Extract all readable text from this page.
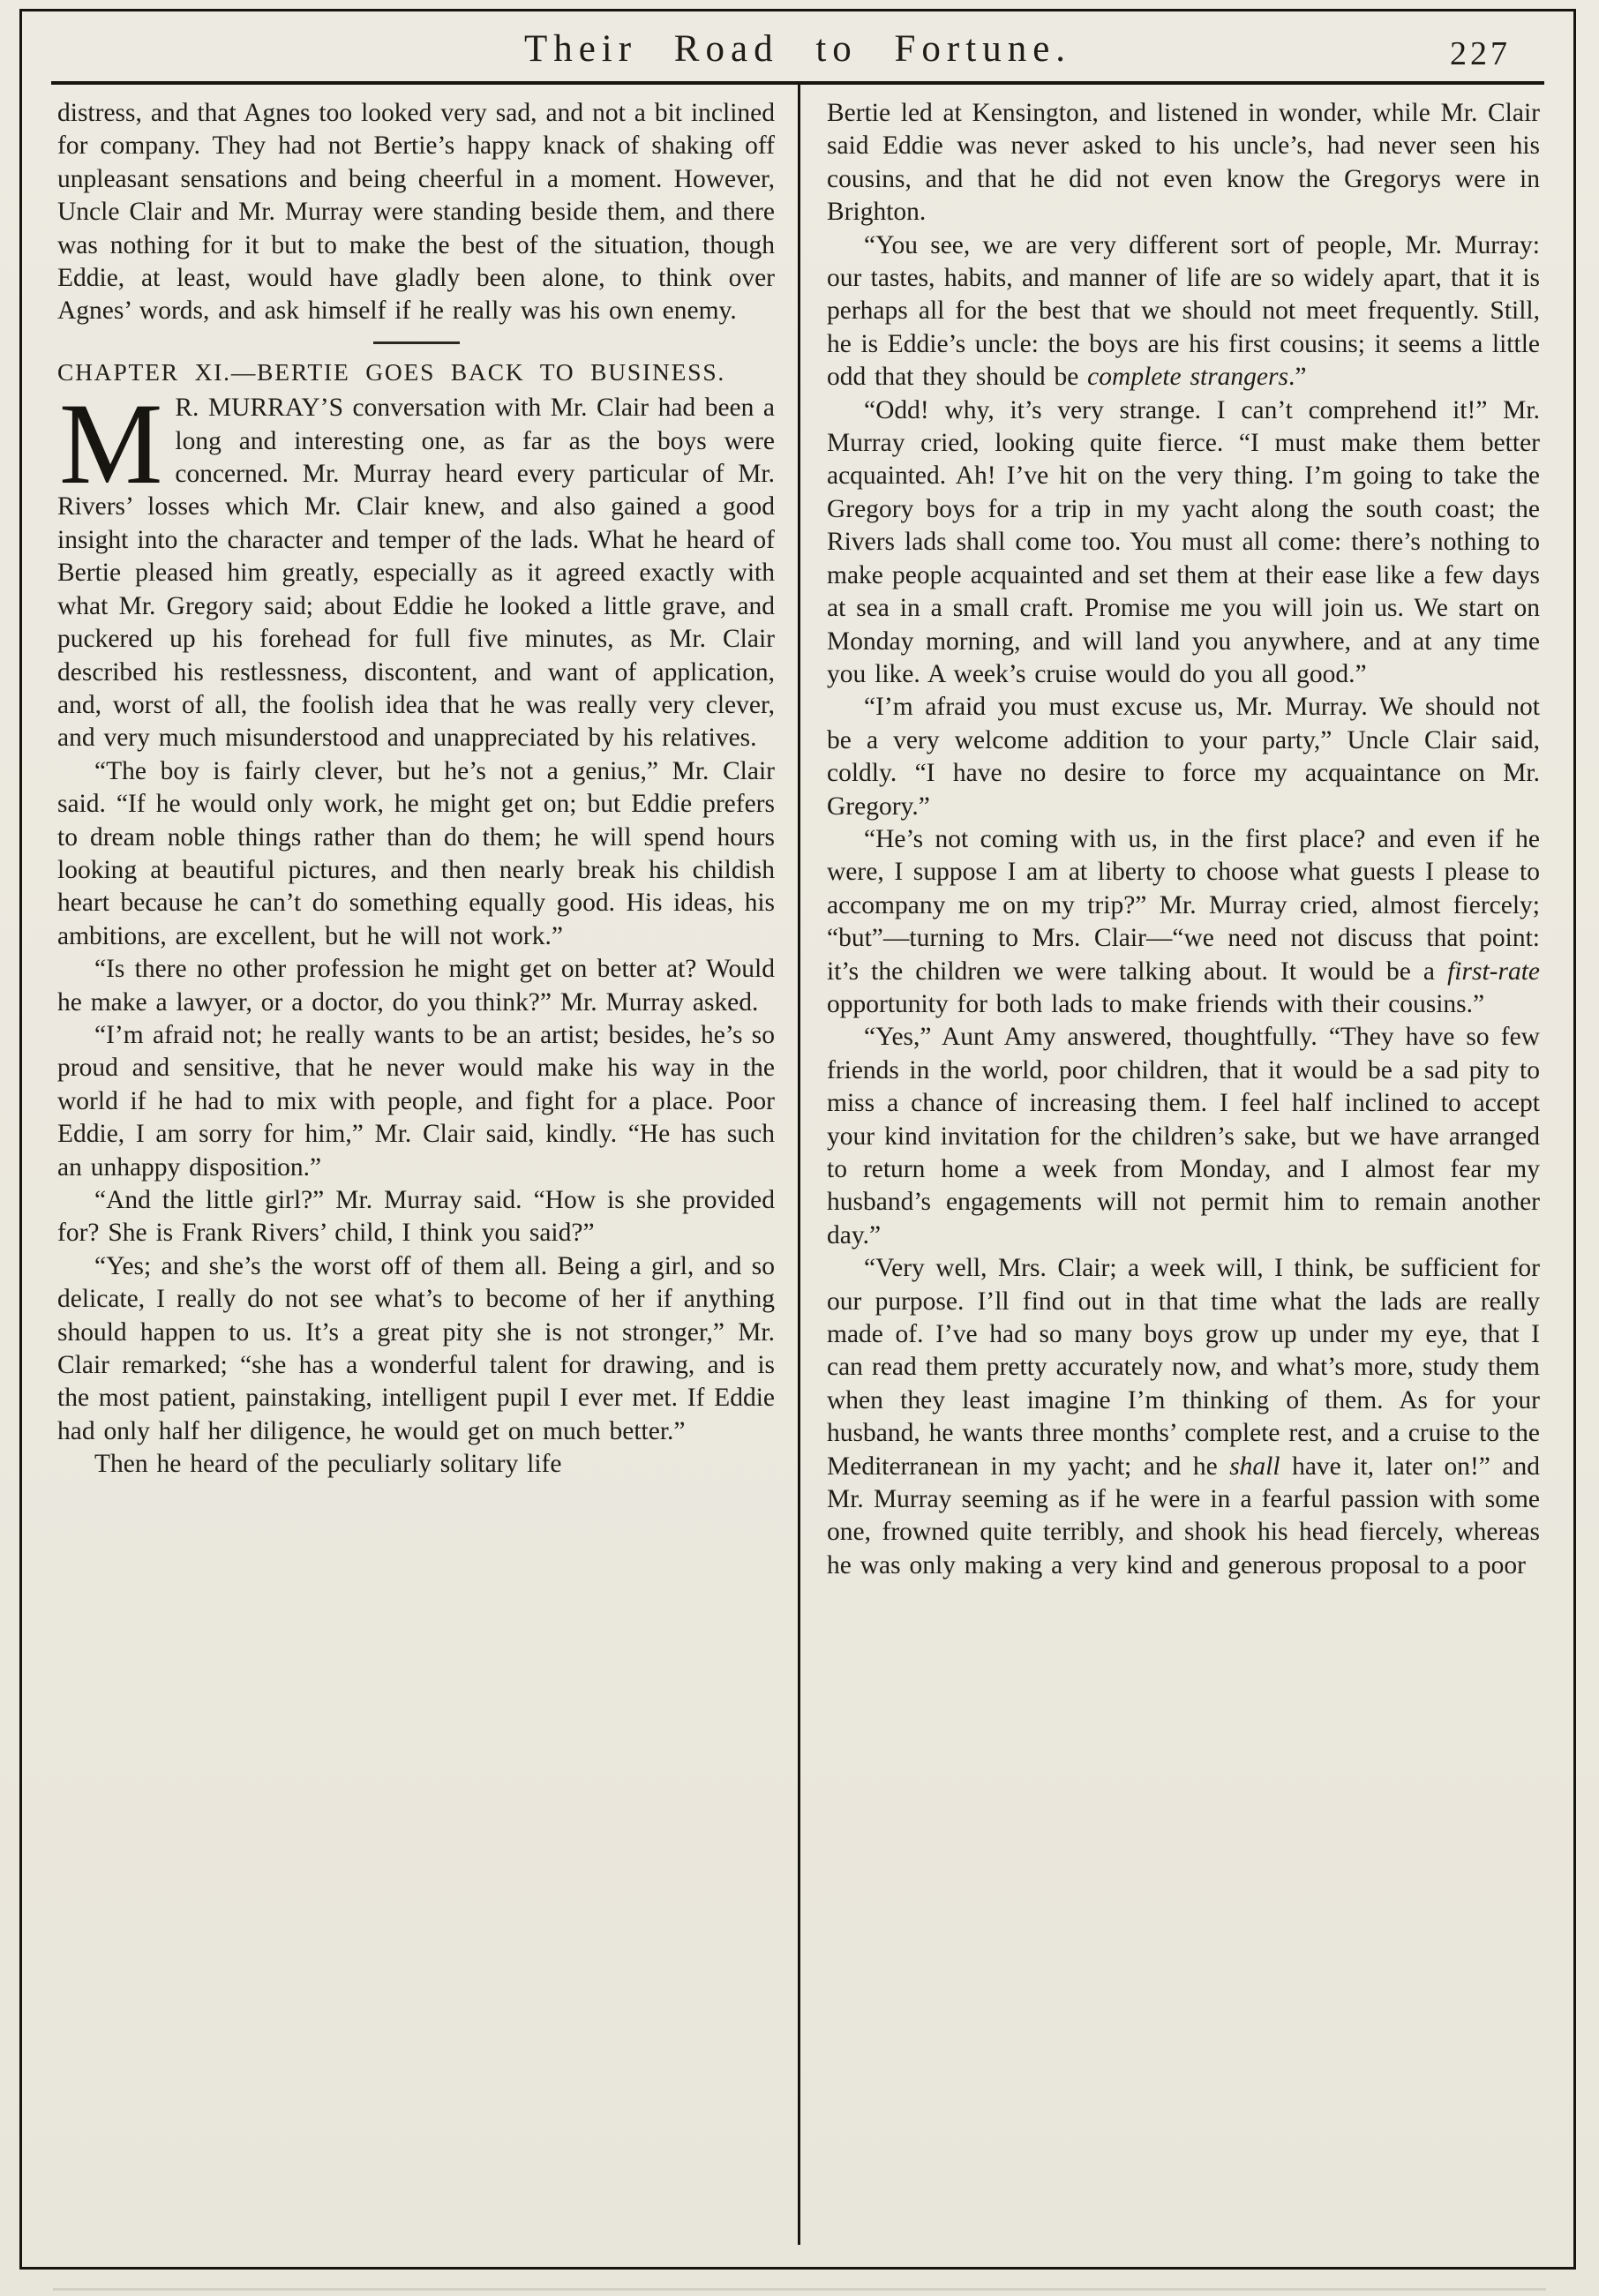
Their Road to Fortune.	227

distress, and that Agnes too looked very sad, and not a bit inclined for company. They had not Bertie’s happy knack of shaking off unpleasant sensations and being cheerful in a moment. However, Uncle Clair and Mr. Murray were standing beside them, and there was nothing for it but to make the best of the situation, though Eddie, at least, would have gladly been alone, to think over Agnes’ words, and ask himself if he really was his own enemy.

CHAPTER XI.—BERTIE GOES BACK TO BUSINESS.

M R. MURRAY’S conversation with Mr. Clair had been a long and interesting one, as far as the boys were concerned. Mr. Murray heard every particular of Mr. Rivers’ losses which Mr. Clair knew, and also gained a good insight into the character and temper of the lads. What he heard of Bertie pleased him greatly, especially as it agreed exactly with what Mr. Gregory said; about Eddie he looked a little grave, and puckered up his forehead for full five minutes, as Mr. Clair described his restlessness, discontent, and want of application, and, worst of all, the foolish idea that he was really very clever, and very much misunderstood and unappreciated by his relatives.

“The boy is fairly clever, but he’s not a genius,” Mr. Clair said. “If he would only work, he might get on; but Eddie prefers to dream noble things rather than do them; he will spend hours looking at beautiful pictures, and then nearly break his childish heart because he can’t do something equally good. His ideas, his ambitions, are excellent, but he will not work.”

“Is there no other profession he might get on better at? Would he make a lawyer, or a doctor, do you think?” Mr. Murray asked.

“I’m afraid not; he really wants to be an artist; besides, he’s so proud and sensitive, that he never would make his way in the world if he had to mix with people, and fight for a place. Poor Eddie, I am sorry for him,” Mr. Clair said, kindly. “He has such an unhappy disposition.”

“And the little girl?” Mr. Murray said. “How is she provided for? She is Frank Rivers’ child, I think you said?”

“Yes; and she’s the worst off of them all. Being a girl, and so delicate, I really do not see what’s to become of her if anything should happen to us. It’s a great pity she is not stronger,” Mr. Clair remarked; “she has a wonderful talent for drawing, and is the most patient, painstaking, intelligent pupil I ever met. If Eddie had only half her diligence, he would get on much better.”

Then he heard of the peculiarly solitary life

Bertie led at Kensington, and listened in wonder, while Mr. Clair said Eddie was never asked to his uncle’s, had never seen his cousins, and that he did not even know the Gregorys were in Brighton.

“You see, we are very different sort of people, Mr. Murray: our tastes, habits, and manner of life are so widely apart, that it is perhaps all for the best that we should not meet frequently. Still, he is Eddie’s uncle: the boys are his first cousins; it seems a little odd that they should be complete strangers.”

“Odd! why, it’s very strange. I can’t comprehend it!” Mr. Murray cried, looking quite fierce. “I must make them better acquainted. Ah! I’ve hit on the very thing. I’m going to take the Gregory boys for a trip in my yacht along the south coast; the Rivers lads shall come too. You must all come: there’s nothing to make people acquainted and set them at their ease like a few days at sea in a small craft. Promise me you will join us. We start on Monday morning, and will land you anywhere, and at any time you like. A week’s cruise would do you all good.”

“I’m afraid you must excuse us, Mr. Murray. We should not be a very welcome addition to your party,” Uncle Clair said, coldly. “I have no desire to force my acquaintance on Mr. Gregory.”

“He’s not coming with us, in the first place? and even if he were, I suppose I am at liberty to choose what guests I please to accompany me on my trip?” Mr. Murray cried, almost fiercely; “but”—turning to Mrs. Clair—“we need not discuss that point: it’s the children we were talking about. It would be a first-rate opportunity for both lads to make friends with their cousins.”

“Yes,” Aunt Amy answered, thoughtfully. “They have so few friends in the world, poor children, that it would be a sad pity to miss a chance of increasing them. I feel half inclined to accept your kind invitation for the children’s sake, but we have arranged to return home a week from Monday, and I almost fear my husband’s engagements will not permit him to remain another day.”

“Very well, Mrs. Clair; a week will, I think, be sufficient for our purpose. I’ll find out in that time what the lads are really made of. I’ve had so many boys grow up under my eye, that I can read them pretty accurately now, and what’s more, study them when they least imagine I’m thinking of them. As for your husband, he wants three months’ complete rest, and a cruise to the Mediterranean in my yacht; and he shall have it, later on!” and Mr. Murray seeming as if he were in a fearful passion with some one, frowned quite terribly, and shook his head fiercely, whereas he was only making a very kind and generous proposal to a poor
